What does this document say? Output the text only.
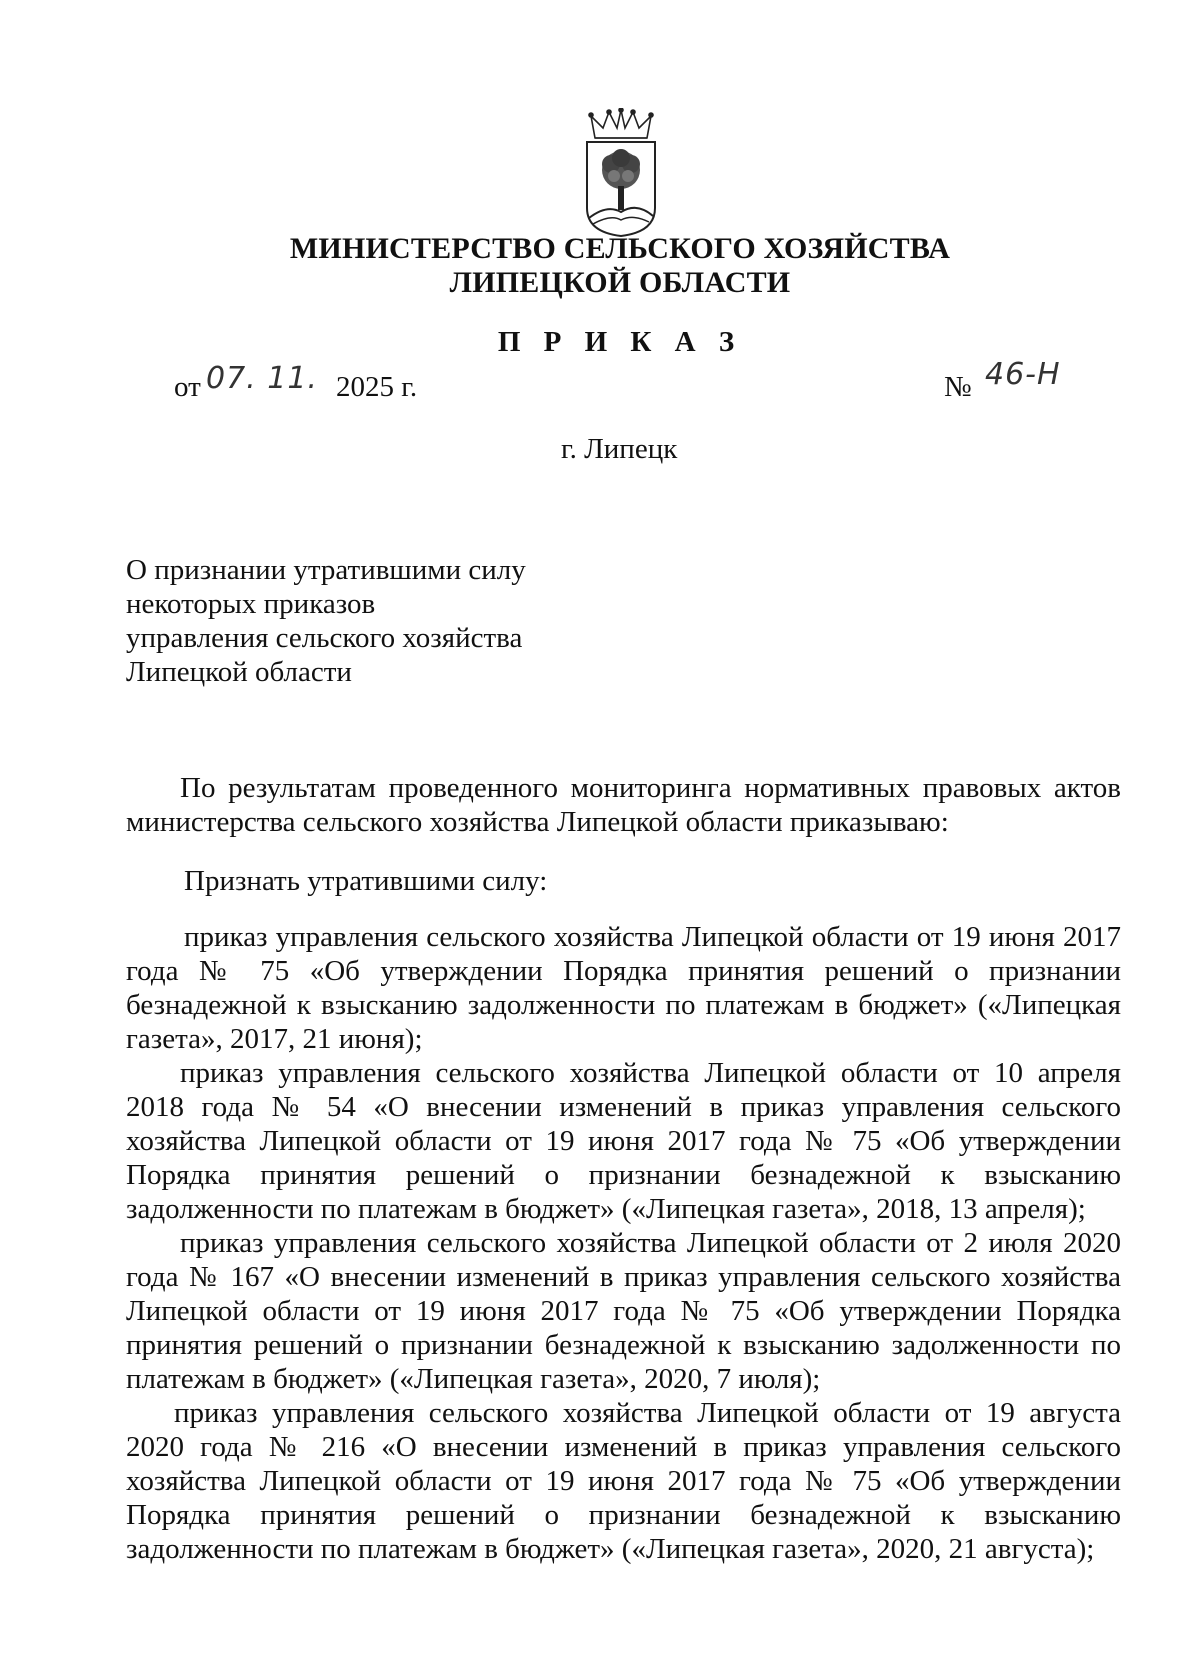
МИНИСТЕРСТВО СЕЛЬСКОГО ХОЗЯЙСТВА
ЛИПЕЦКОЙ ОБЛАСТИ
П Р И К А З
от 07. 11. 2025 г.	№ 46-Н
г. Липецк
О признании утратившими силу
некоторых приказов
управления сельского хозяйства
Липецкой области
По результатам проведенного мониторинга нормативных правовых актов министерства сельского хозяйства Липецкой области приказываю:
Признать утратившими силу:
приказ управления сельского хозяйства Липецкой области от 19 июня 2017 года № 75 «Об утверждении Порядка принятия решений о признании безнадежной к взысканию задолженности по платежам в бюджет» («Липецкая газета», 2017, 21 июня);
приказ управления сельского хозяйства Липецкой области от 10 апреля 2018 года № 54 «О внесении изменений в приказ управления сельского хозяйства Липецкой области от 19 июня 2017 года № 75 «Об утверждении Порядка принятия решений о признании безнадежной к взысканию задолженности по платежам в бюджет» («Липецкая газета», 2018, 13 апреля);
приказ управления сельского хозяйства Липецкой области от 2 июля 2020 года № 167 «О внесении изменений в приказ управления сельского хозяйства Липецкой области от 19 июня 2017 года № 75 «Об утверждении Порядка принятия решений о признании безнадежной к взысканию задолженности по платежам в бюджет» («Липецкая газета», 2020, 7 июля);
приказ управления сельского хозяйства Липецкой области от 19 августа 2020 года № 216 «О внесении изменений в приказ управления сельского хозяйства Липецкой области от 19 июня 2017 года № 75 «Об утверждении Порядка принятия решений о признании безнадежной к взысканию задолженности по платежам в бюджет» («Липецкая газета», 2020, 21 августа);
